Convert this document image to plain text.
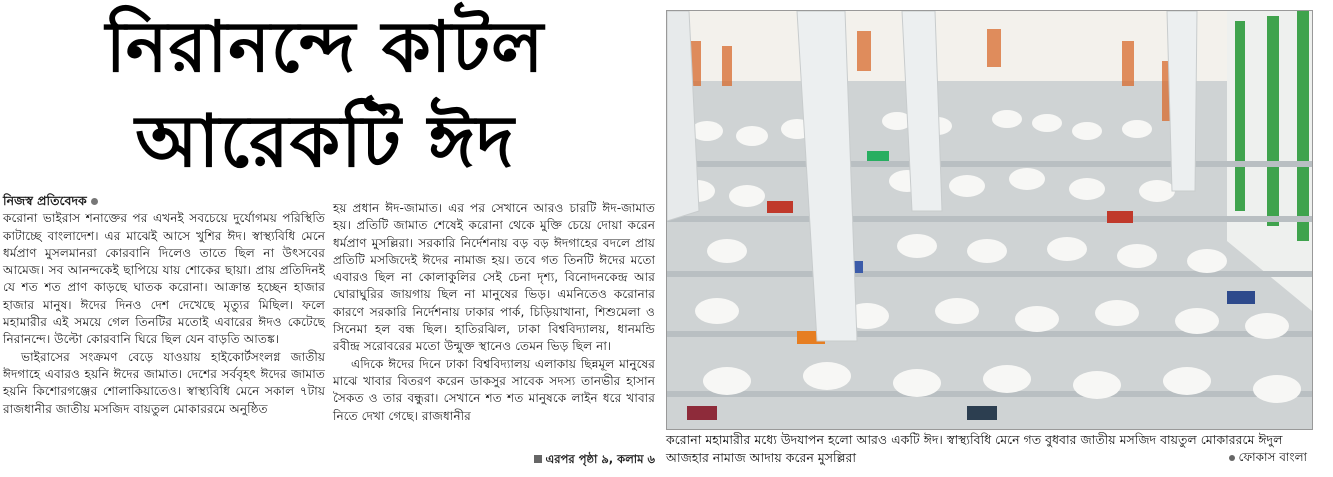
নিরানন্দে কাটল
আরেকটি ঈদ

নিজস্ব প্রতিবেদক

করোনা ভাইরাস শনাক্তের পর এখনই সবচেয়ে দুর্যোগময় পরিস্থিতি কাটাচ্ছে বাংলাদেশ। এর মাঝেই আসে খুশির ঈদ। স্বাস্থ্যবিধি মেনে ধর্মপ্রাণ মুসলমানরা কোরবানি দিলেও তাতে ছিল না উৎসবের আমেজ। সব আনন্দকেই ছাপিয়ে যায় শোকের ছায়া। প্রায় প্রতিদিনই যে শত শত প্রাণ কাড়ছে ঘাতক করোনা। আক্রান্ত হচ্ছেন হাজার হাজার মানুষ। ঈদের দিনও দেশ দেখেছে মৃত্যুর মিছিল। ফলে মহামারীর এই সময়ে গেল তিনটির মতোই এবারের ঈদও কেটেছে নিরানন্দে। উল্টো কোরবানি ঘিরে ছিল যেন বাড়তি আতঙ্ক।

ভাইরাসের সংক্রমণ বেড়ে যাওয়ায় হাইকোর্টসংলগ্ন জাতীয় ঈদগাহে এবারও হয়নি ঈদের জামাত। দেশের সর্ববৃহৎ ঈদের জামাত হয়নি কিশোরগঞ্জের শোলাকিয়াতেও। স্বাস্থ্যবিধি মেনে সকাল ৭টায় রাজধানীর জাতীয় মসজিদ বায়তুল মোকাররমে অনুষ্ঠিত

হয় প্রধান ঈদ-জামাত। এর পর সেখানে আরও চারটি ঈদ-জামাত হয়। প্রতিটি জামাত শেষেই করোনা থেকে মুক্তি চেয়ে দোয়া করেন ধর্মপ্রাণ মুসল্লিরা। সরকারি নির্দেশনায় বড় বড় ঈদগাহের বদলে প্রায় প্রতিটি মসজিদেই ঈদের নামাজ হয়। তবে গত তিনটি ঈদের মতো এবারও ছিল না কোলাকুলির সেই চেনা দৃশ্য, বিনোদনকেন্দ্র আর ঘোরাঘুরির জায়গায় ছিল না মানুষের ভিড়। এমনিতেও করোনার কারণে সরকারি নির্দেশনায় ঢাকার পার্ক, চিড়িয়াখানা, শিশুমেলা ও সিনেমা হল বন্ধ ছিল। হাতিরঝিল, ঢাকা বিশ্ববিদ্যালয়, ধানমন্ডি রবীন্দ্র সরোবরের মতো উন্মুক্ত স্থানেও তেমন ভিড় ছিল না।

এদিকে ঈদের দিনে ঢাকা বিশ্ববিদ্যালয় এলাকায় ছিন্নমূল মানুষের মাঝে খাবার বিতরণ করেন ডাকসুর সাবেক সদস্য তানভীর হাসান সৈকত ও তার বন্ধুরা। সেখানে শত শত মানুষকে লাইন ধরে খাবার নিতে দেখা গেছে। রাজধানীর

এরপর পৃষ্ঠা ৯, কলাম ৬
করোনা মহামারীর মধ্যে উদযাপন হলো আরও একটি ঈদ। স্বাস্থ্যবিধি মেনে গত বুধবার জাতীয় মসজিদ বায়তুল মোকাররমে ঈদুল আজহার নামাজ আদায় করেন মুসল্লিরা	ফোকাস বাংলা
